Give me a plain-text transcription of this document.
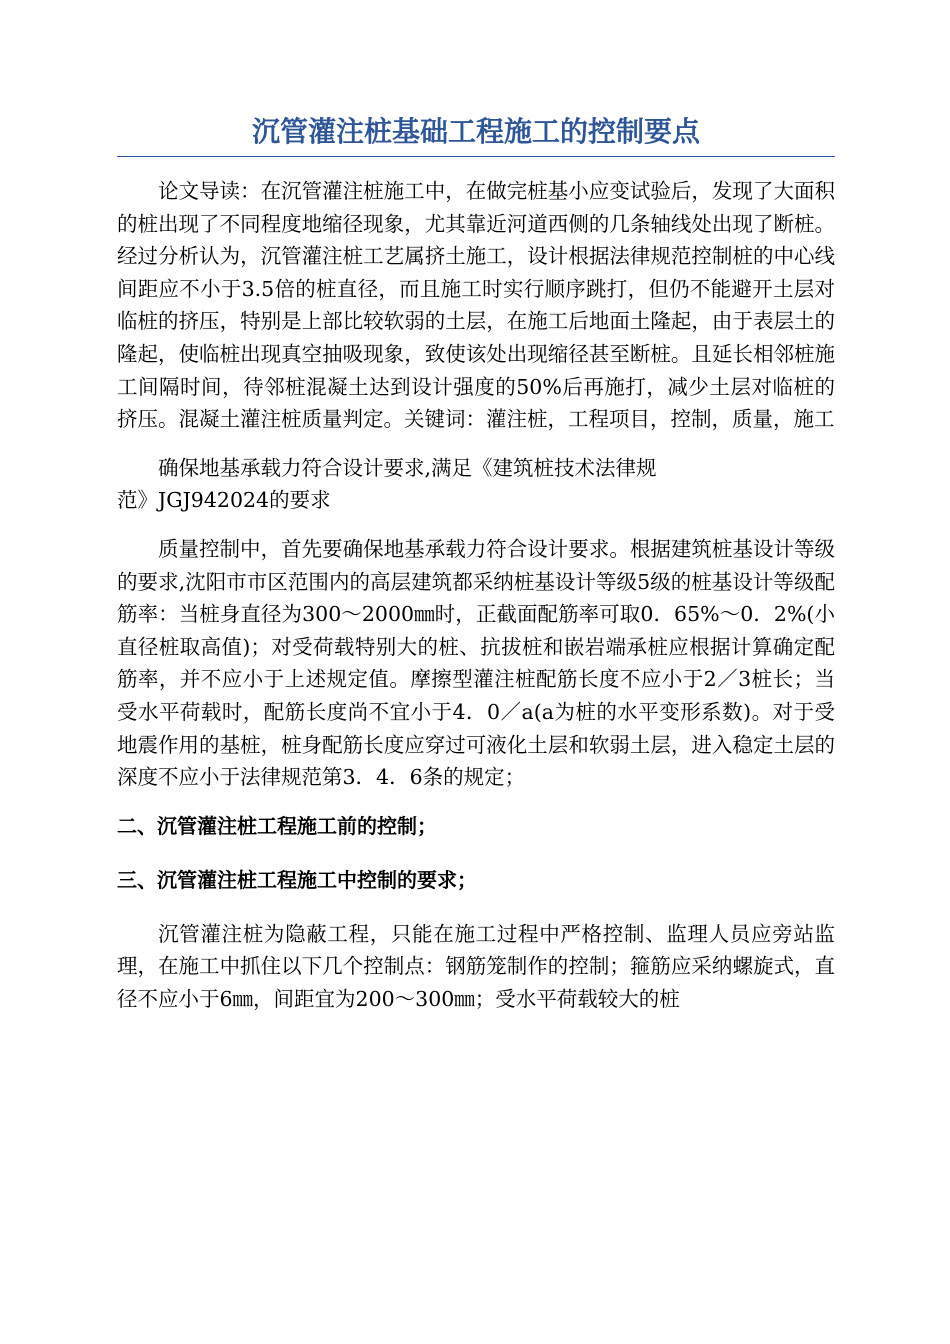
沉管灌注桩基础工程施工的控制要点

论文导读：在沉管灌注桩施工中，在做完桩基小应变试验后，发现了大面积的桩出现了不同程度地缩径现象，尤其靠近河道西侧的几条轴线处出现了断桩。经过分析认为，沉管灌注桩工艺属挤土施工，设计根据法律规范控制桩的中心线间距应不小于3.5倍的桩直径，而且施工时实行顺序跳打，但仍不能避开土层对临桩的挤压，特别是上部比较软弱的土层，在施工后地面土隆起，由于表层土的隆起，使临桩出现真空抽吸现象，致使该处出现缩径甚至断桩。且延长相邻桩施工间隔时间，待邻桩混凝土达到设计强度的50%后再施打，减少土层对临桩的挤压。混凝土灌注桩质量判定。关键词：灌注桩，工程项目，控制，质量，施工

确保地基承载力符合设计要求,满足《建筑桩技术法律规
范》JGJ942024的要求

质量控制中，首先要确保地基承载力符合设计要求。根据建筑桩基设计等级的要求,沈阳市市区范围内的高层建筑都采纳桩基设计等级5级的桩基设计等级配筋率：当桩身直径为300～2000㎜时，正截面配筋率可取0．65%～0．2%(小直径桩取高值)；对受荷载特别大的桩、抗拔桩和嵌岩端承桩应根据计算确定配筋率，并不应小于上述规定值。摩擦型灌注桩配筋长度不应小于2／3桩长；当受水平荷载时，配筋长度尚不宜小于4．0／a(a为桩的水平变形系数)。对于受地震作用的基桩，桩身配筋长度应穿过可液化土层和软弱土层，进入稳定土层的深度不应小于法律规范第3．4．6条的规定；

二、沉管灌注桩工程施工前的控制；

三、沉管灌注桩工程施工中控制的要求；

沉管灌注桩为隐蔽工程，只能在施工过程中严格控制、监理人员应旁站监理，在施工中抓住以下几个控制点：钢筋笼制作的控制；箍筋应采纳螺旋式，直径不应小于6㎜，间距宜为200～300㎜；受水平荷载较大的桩
